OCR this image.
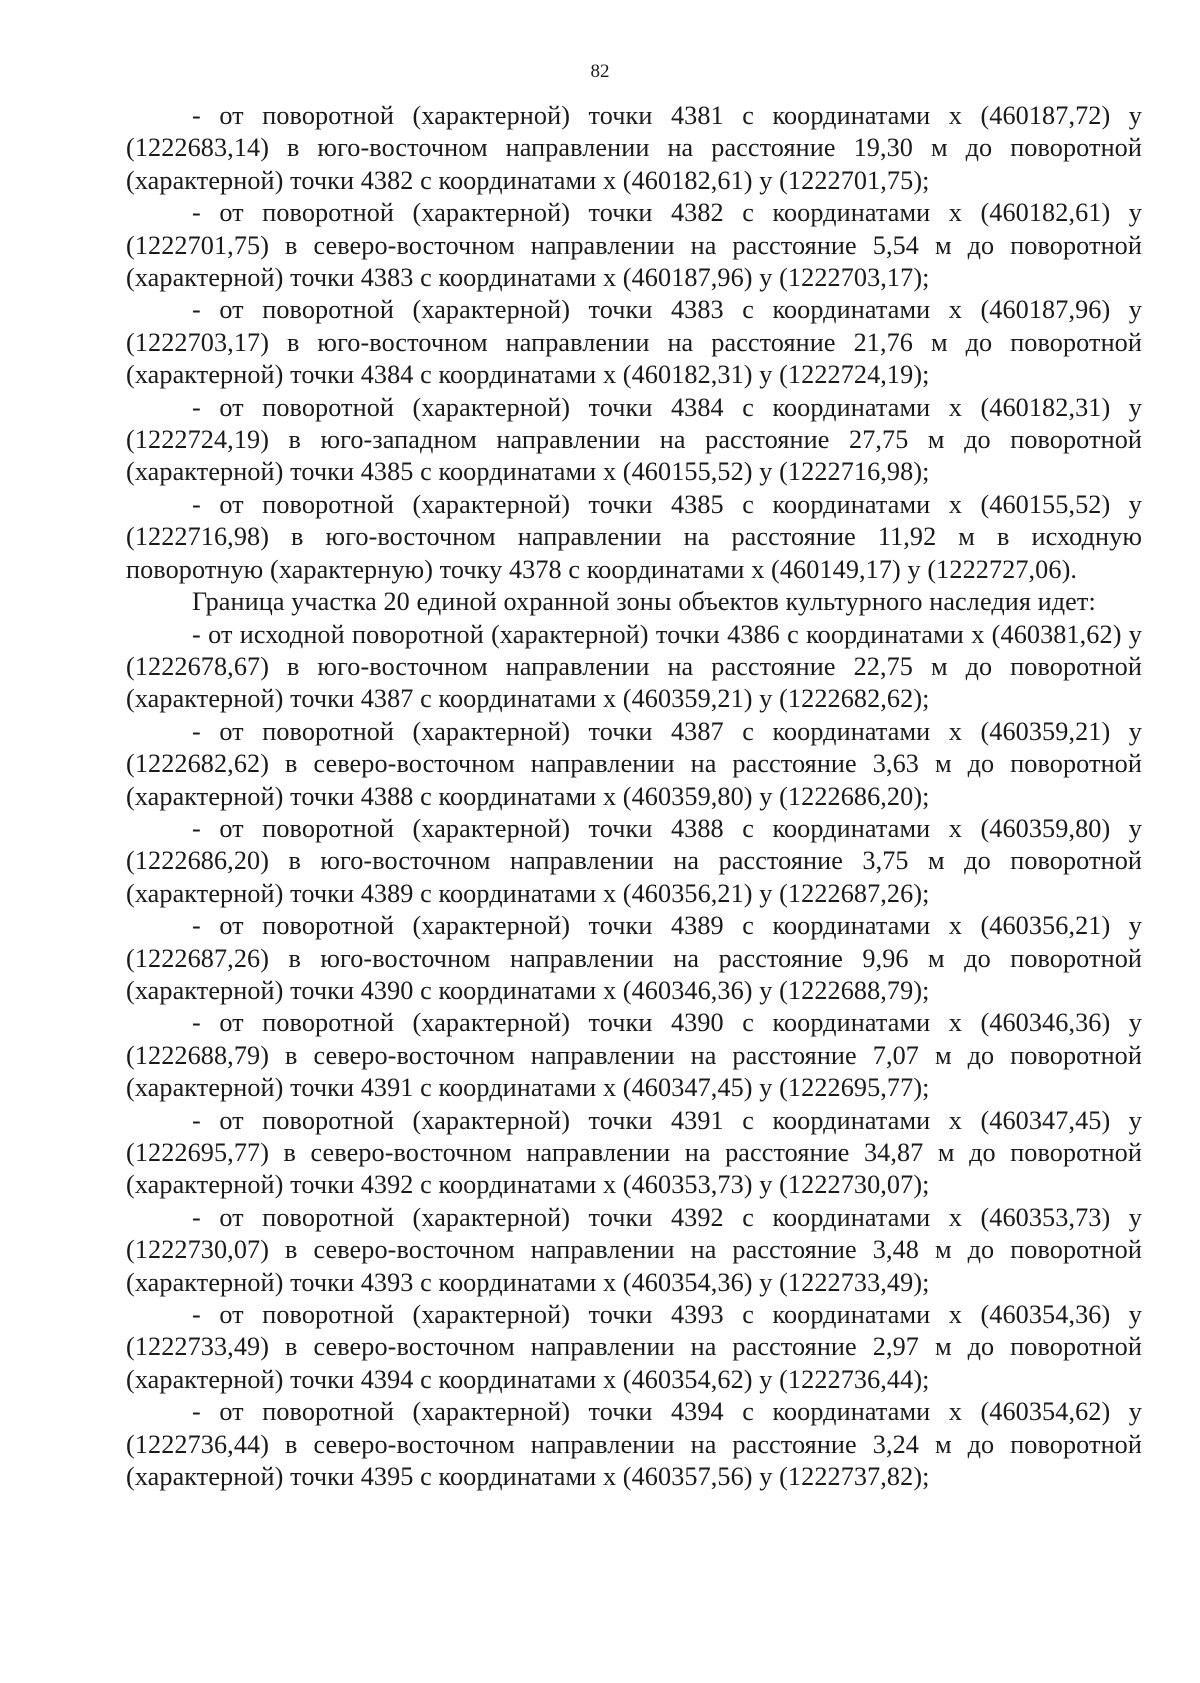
82

- от поворотной (характерной) точки 4381 с координатами х (460187,72) у (1222683,14) в юго-восточном направлении на расстояние 19,30 м до поворотной (характерной) точки 4382 с координатами х (460182,61) у (1222701,75);

- от поворотной (характерной) точки 4382 с координатами х (460182,61) у (1222701,75) в северо-восточном направлении на расстояние 5,54 м до поворотной (характерной) точки 4383 с координатами х (460187,96) у (1222703,17);

- от поворотной (характерной) точки 4383 с координатами х (460187,96) у (1222703,17) в юго-восточном направлении на расстояние 21,76 м до поворотной (характерной) точки 4384 с координатами х (460182,31) у (1222724,19);

- от поворотной (характерной) точки 4384 с координатами х (460182,31) у (1222724,19) в юго-западном направлении на расстояние 27,75 м до поворотной (характерной) точки 4385 с координатами х (460155,52) у (1222716,98);

- от поворотной (характерной) точки 4385 с координатами х (460155,52) у (1222716,98) в юго-восточном направлении на расстояние 11,92 м в исходную поворотную (характерную) точку 4378 с координатами х (460149,17) у (1222727,06).

Граница участка 20 единой охранной зоны объектов культурного наследия идет:

- от исходной поворотной (характерной) точки 4386 с координатами х (460381,62) у (1222678,67) в юго-восточном направлении на расстояние 22,75 м до поворотной (характерной) точки 4387 с координатами х (460359,21) у (1222682,62);

- от поворотной (характерной) точки 4387 с координатами х (460359,21) у (1222682,62) в северо-восточном направлении на расстояние 3,63 м до поворотной (характерной) точки 4388 с координатами х (460359,80) у (1222686,20);

- от поворотной (характерной) точки 4388 с координатами х (460359,80) у (1222686,20) в юго-восточном направлении на расстояние 3,75 м до поворотной (характерной) точки 4389 с координатами х (460356,21) у (1222687,26);

- от поворотной (характерной) точки 4389 с координатами х (460356,21) у (1222687,26) в юго-восточном направлении на расстояние 9,96 м до поворотной (характерной) точки 4390 с координатами х (460346,36) у (1222688,79);

- от поворотной (характерной) точки 4390 с координатами х (460346,36) у (1222688,79) в северо-восточном направлении на расстояние 7,07 м до поворотной (характерной) точки 4391 с координатами х (460347,45) у (1222695,77);

- от поворотной (характерной) точки 4391 с координатами х (460347,45) у (1222695,77) в северо-восточном направлении на расстояние 34,87 м до поворотной (характерной) точки 4392 с координатами х (460353,73) у (1222730,07);

- от поворотной (характерной) точки 4392 с координатами х (460353,73) у (1222730,07) в северо-восточном направлении на расстояние 3,48 м до поворотной (характерной) точки 4393 с координатами х (460354,36) у (1222733,49);

- от поворотной (характерной) точки 4393 с координатами х (460354,36) у (1222733,49) в северо-восточном направлении на расстояние 2,97 м до поворотной (характерной) точки 4394 с координатами х (460354,62) у (1222736,44);

- от поворотной (характерной) точки 4394 с координатами х (460354,62) у (1222736,44) в северо-восточном направлении на расстояние 3,24 м до поворотной (характерной) точки 4395 с координатами х (460357,56) у (1222737,82);
